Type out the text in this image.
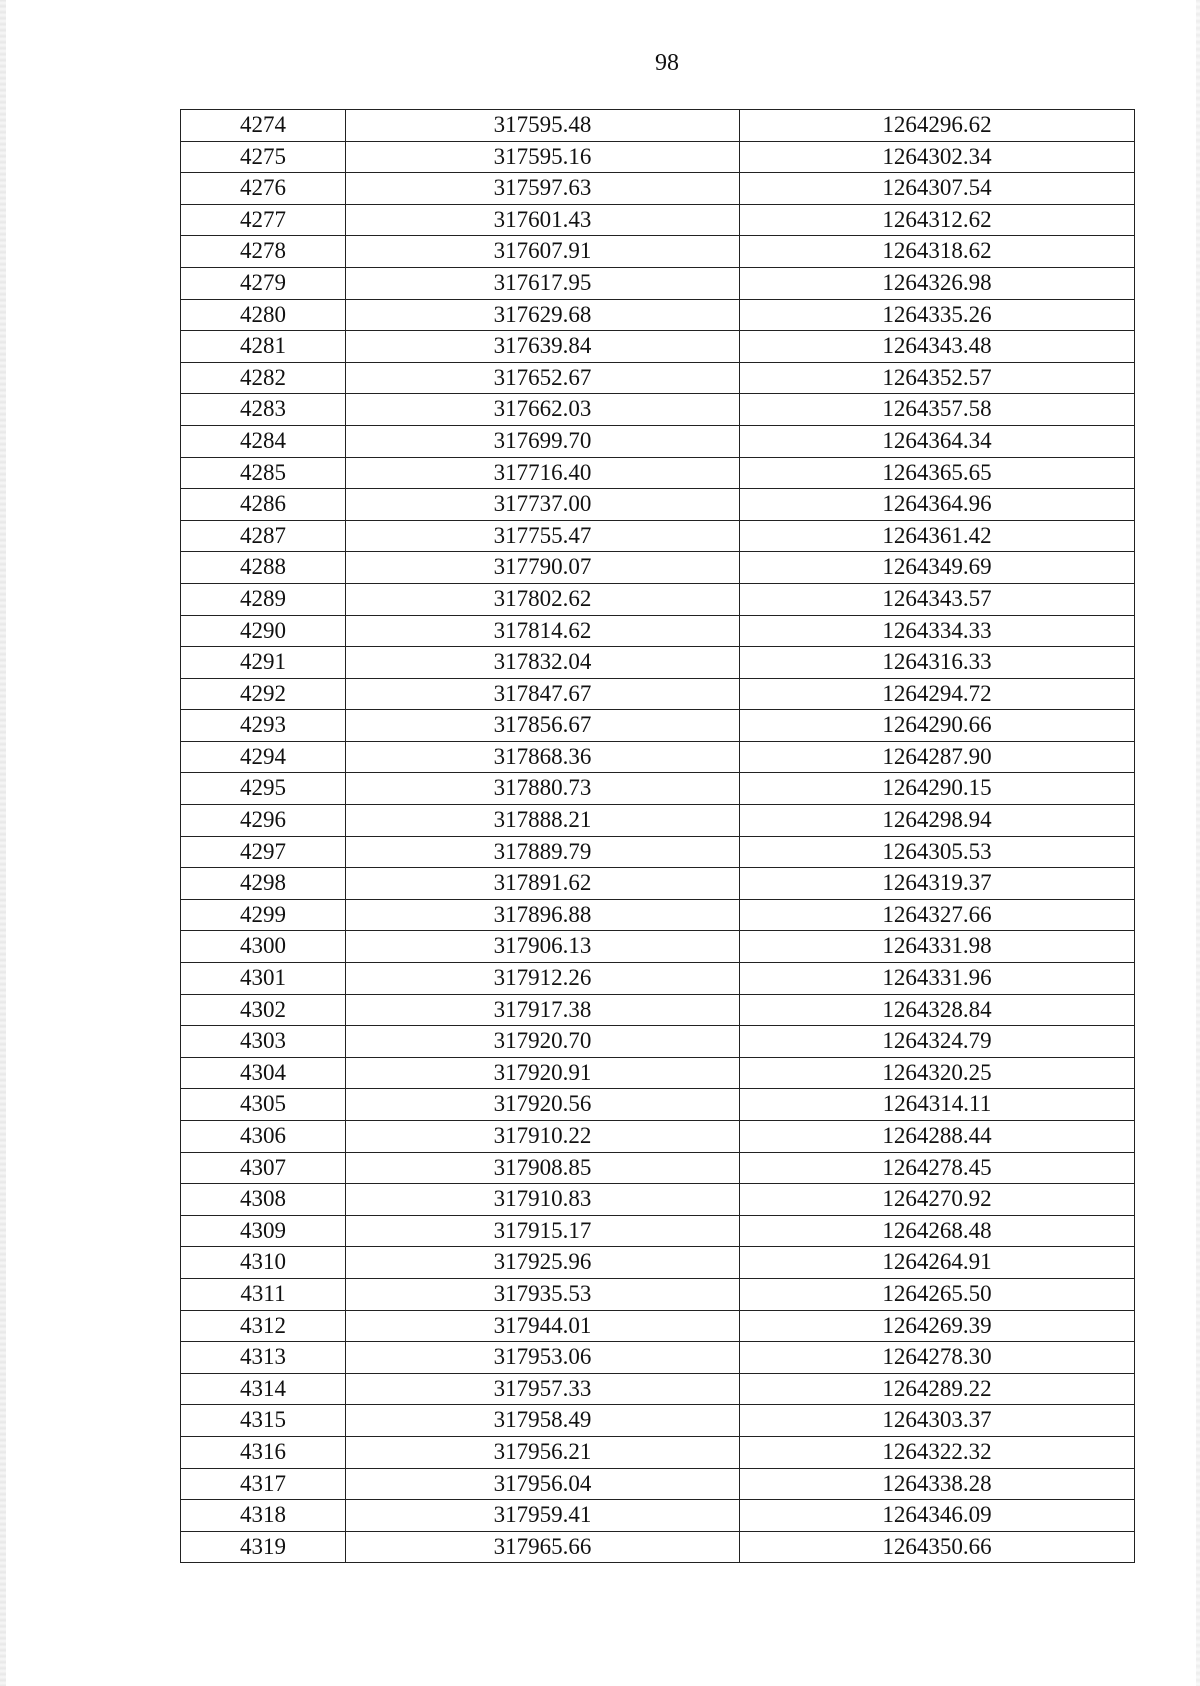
98
4274	317595.48	1264296.62
4275	317595.16	1264302.34
4276	317597.63	1264307.54
4277	317601.43	1264312.62
4278	317607.91	1264318.62
4279	317617.95	1264326.98
4280	317629.68	1264335.26
4281	317639.84	1264343.48
4282	317652.67	1264352.57
4283	317662.03	1264357.58
4284	317699.70	1264364.34
4285	317716.40	1264365.65
4286	317737.00	1264364.96
4287	317755.47	1264361.42
4288	317790.07	1264349.69
4289	317802.62	1264343.57
4290	317814.62	1264334.33
4291	317832.04	1264316.33
4292	317847.67	1264294.72
4293	317856.67	1264290.66
4294	317868.36	1264287.90
4295	317880.73	1264290.15
4296	317888.21	1264298.94
4297	317889.79	1264305.53
4298	317891.62	1264319.37
4299	317896.88	1264327.66
4300	317906.13	1264331.98
4301	317912.26	1264331.96
4302	317917.38	1264328.84
4303	317920.70	1264324.79
4304	317920.91	1264320.25
4305	317920.56	1264314.11
4306	317910.22	1264288.44
4307	317908.85	1264278.45
4308	317910.83	1264270.92
4309	317915.17	1264268.48
4310	317925.96	1264264.91
4311	317935.53	1264265.50
4312	317944.01	1264269.39
4313	317953.06	1264278.30
4314	317957.33	1264289.22
4315	317958.49	1264303.37
4316	317956.21	1264322.32
4317	317956.04	1264338.28
4318	317959.41	1264346.09
4319	317965.66	1264350.66
